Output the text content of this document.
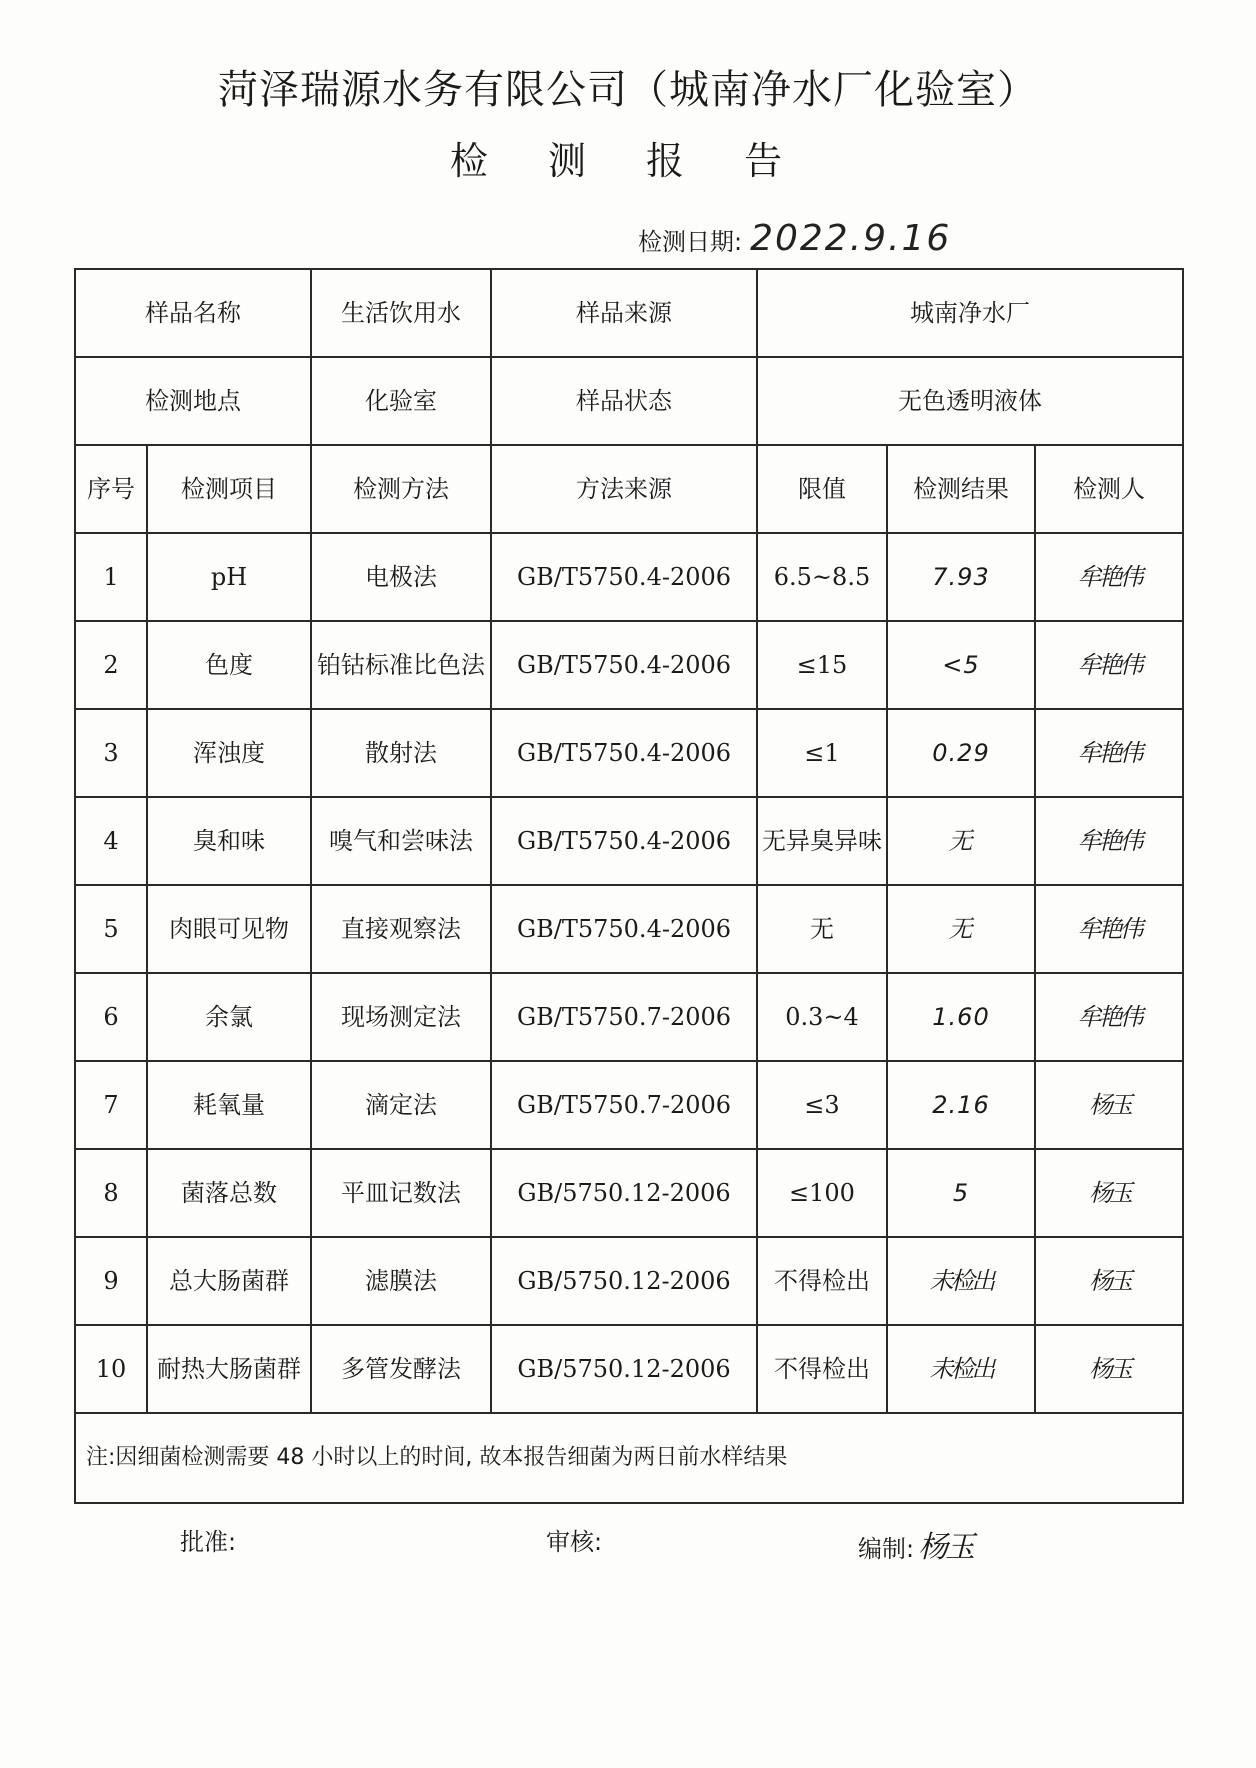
菏泽瑞源水务有限公司（城南净水厂化验室）
检 测 报 告
检测日期: 2022.9.16
样品名称		生活饮用水	样品来源	城南净水厂		
检测地点		化验室	样品状态	无色透明液体		
序号	检测项目	检测方法	方法来源	限值	检测结果	检测人
1	pH	电极法	GB/T5750.4-2006	6.5~8.5	7.93	牟艳伟
2	色度	铂钴标准比色法	GB/T5750.4-2006	≤15	<5	牟艳伟
3	浑浊度	散射法	GB/T5750.4-2006	≤1	0.29	牟艳伟
4	臭和味	嗅气和尝味法	GB/T5750.4-2006	无异臭异味	无	牟艳伟
5	肉眼可见物	直接观察法	GB/T5750.4-2006	无	无	牟艳伟
6	余氯	现场测定法	GB/T5750.7-2006	0.3~4	1.60	牟艳伟
7	耗氧量	滴定法	GB/T5750.7-2006	≤3	2.16	杨玉
8	菌落总数	平皿记数法	GB/5750.12-2006	≤100	5	杨玉
9	总大肠菌群	滤膜法	GB/5750.12-2006	不得检出	未检出	杨玉
10	耐热大肠菌群	多管发酵法	GB/5750.12-2006	不得检出	未检出	杨玉
注:因细菌检测需要 48 小时以上的时间, 故本报告细菌为两日前水样结果						
批准:	审核:	编制: 杨玉
